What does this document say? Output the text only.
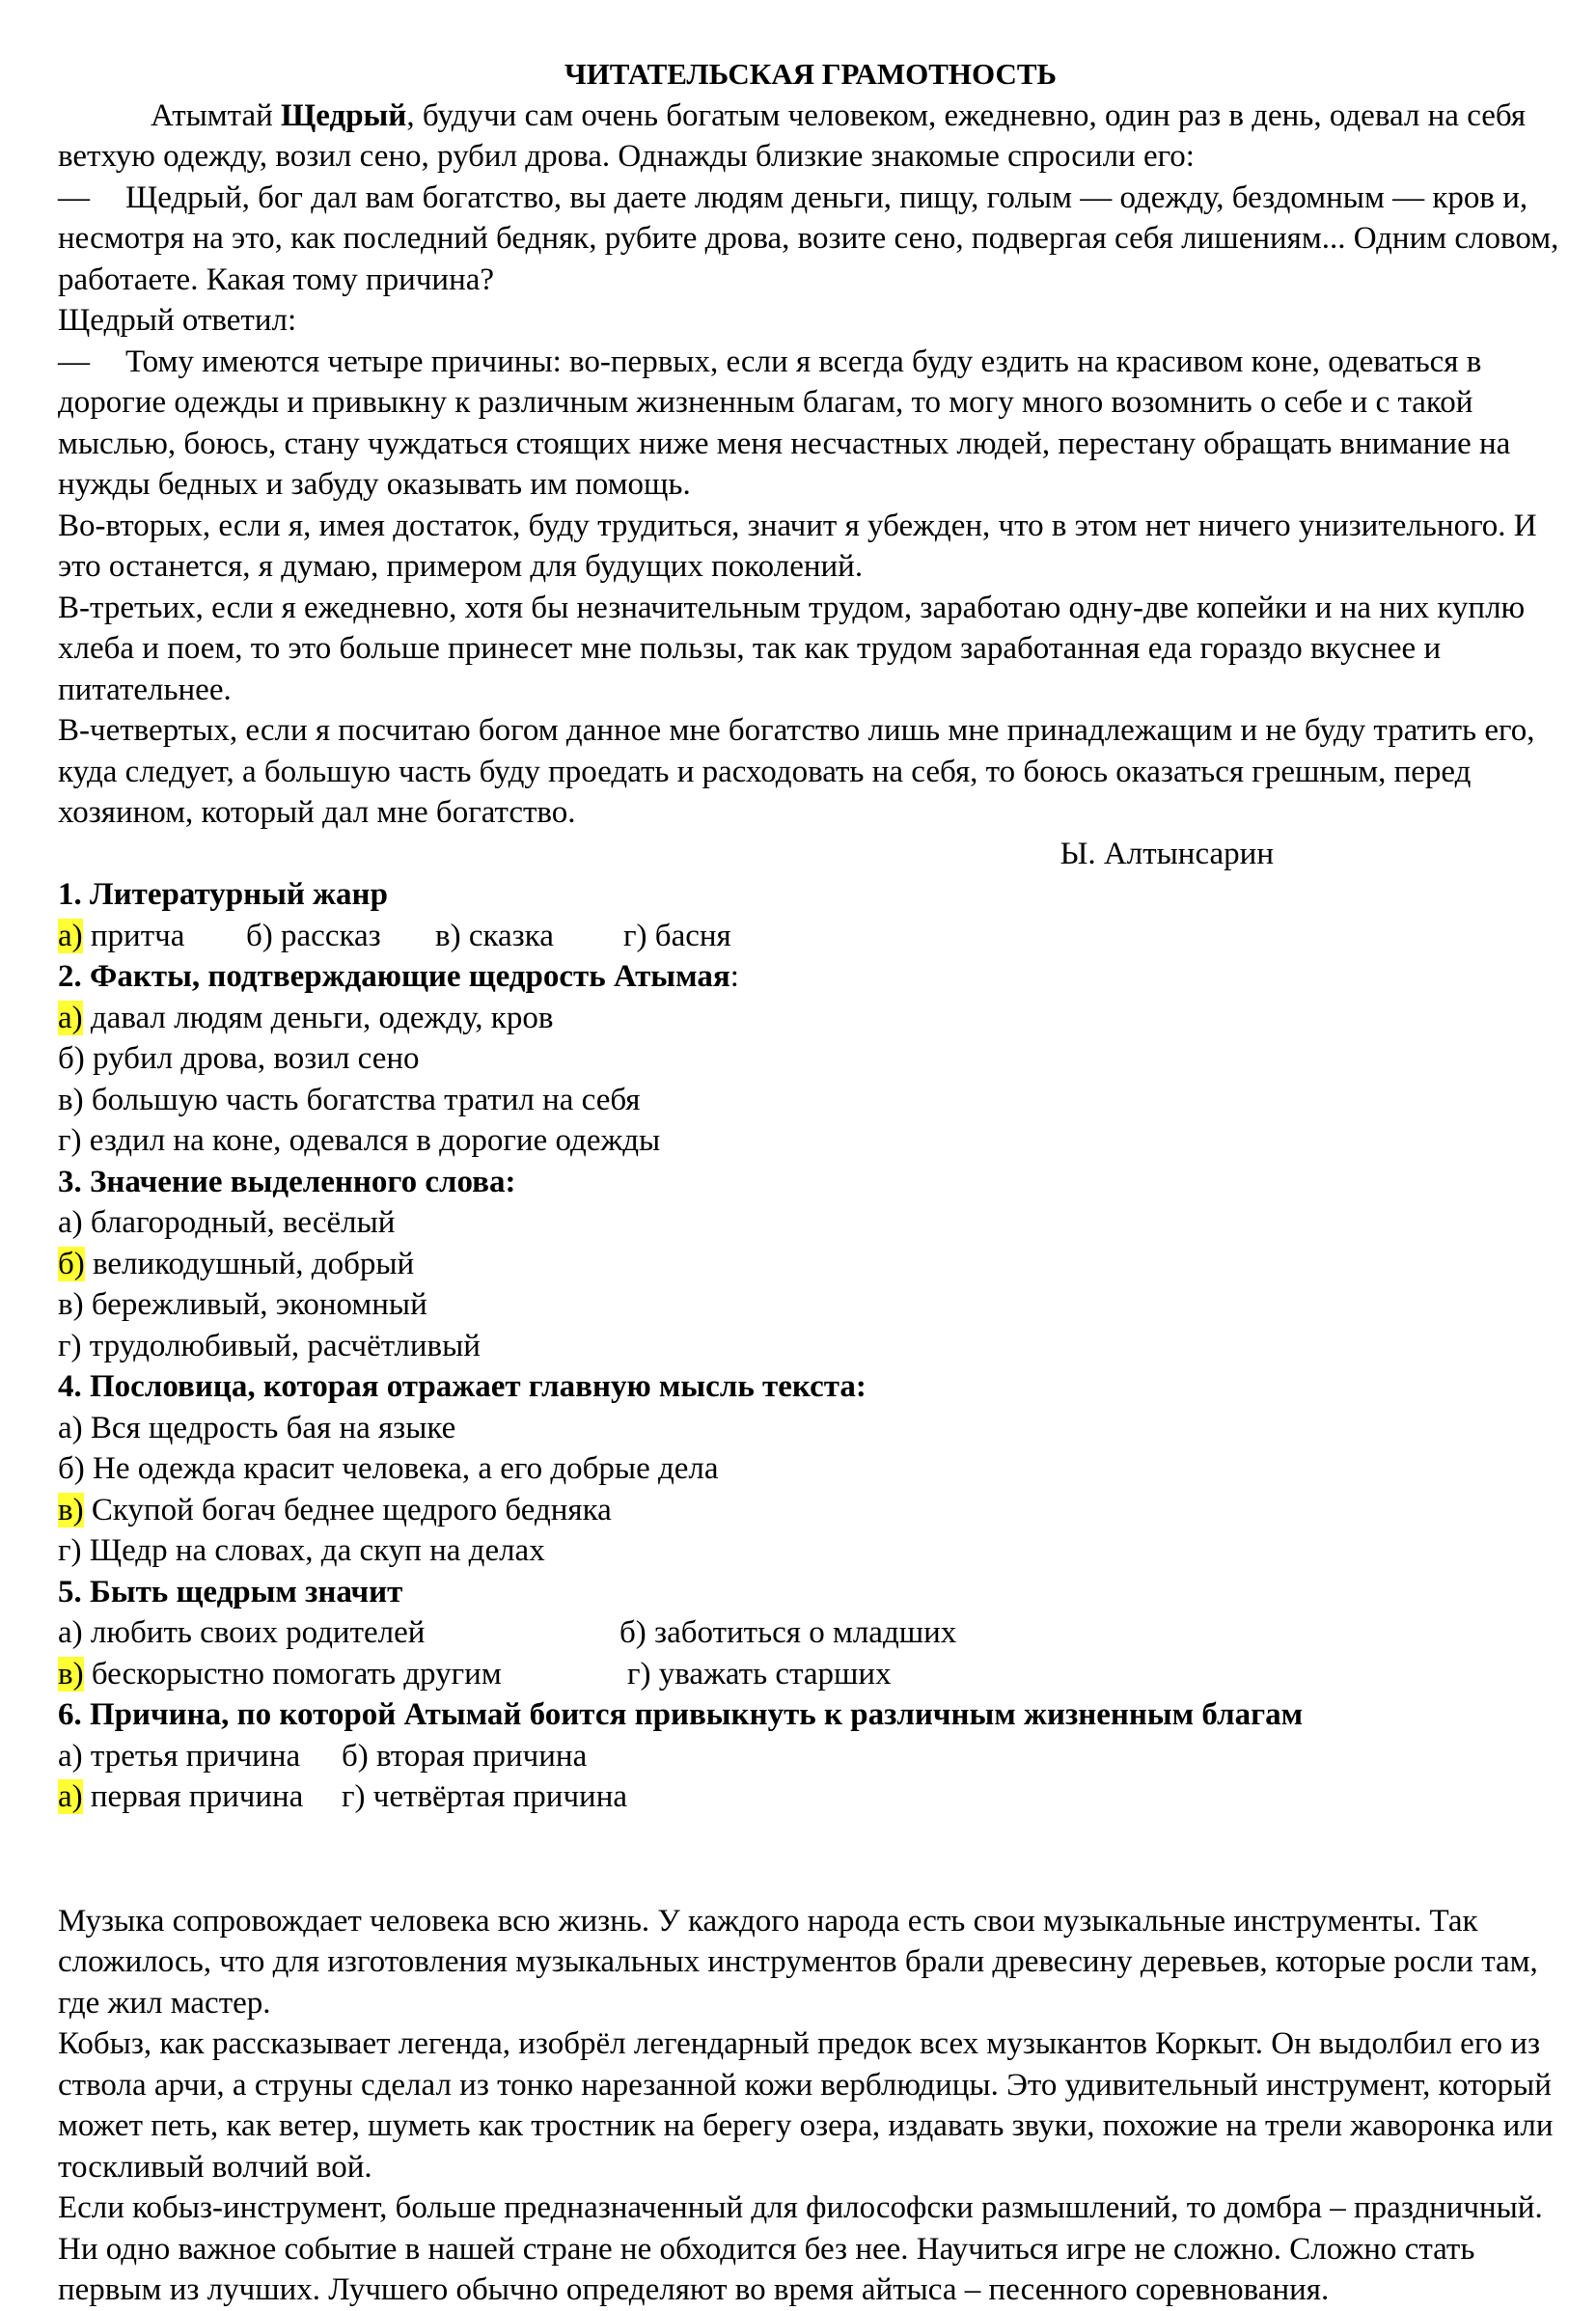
ЧИТАТЕЛЬСКАЯ ГРАМОТНОСТЬ

Атымтай Щедрый, будучи сам очень богатым человеком, ежедневно, один раз в день, одевал на себя ветхую одежду, возил сено, рубил дрова. Однажды близкие знакомые спросили его:

— Щедрый, бог дал вам богатство, вы даете людям деньги, пищу, голым — одежду, бездомным — кров и, несмотря на это, как последний бедняк, рубите дрова, возите сено, подвергая себя лишениям... Одним словом, работаете. Какая тому причина?

Щедрый ответил:

— Тому имеются четыре причины: во-первых, если я всегда буду ездить на красивом коне, одеваться в дорогие одежды и привыкну к различным жизненным благам, то могу много возомнить о себе и с такой мыслью, боюсь, стану чуждаться стоящих ниже меня несчастных людей, перестану обращать внимание на нужды бедных и забуду оказывать им помощь.

Во-вторых, если я, имея достаток, буду трудиться, значит я убежден, что в этом нет ничего унизительного. И это останется, я думаю, примером для будущих поколений.

В-третьих, если я ежедневно, хотя бы незначительным трудом, заработаю одну-две копейки и на них куплю хлеба и поем, то это больше принесет мне пользы, так как трудом заработанная еда гораздо вкуснее и питательнее.

В-четвертых, если я посчитаю богом данное мне богатство лишь мне принадлежащим и не буду тратить его, куда следует, а большую часть буду проедать и расходовать на себя, то боюсь оказаться грешным, перед хозяином, который дал мне богатство.

Ы. Алтынсарин

1. Литературный жанр
а) притча б) рассказ в) сказка г) басня
2. Факты, подтверждающие щедрость Атымая:
а) давал людям деньги, одежду, кров
б) рубил дрова, возил сено
в) большую часть богатства тратил на себя
г) ездил на коне, одевался в дорогие одежды
3. Значение выделенного слова:
а) благородный, весёлый
б) великодушный, добрый
в) бережливый, экономный
г) трудолюбивый, расчётливый
4. Пословица, которая отражает главную мысль текста:
а) Вся щедрость бая на языке
б) Не одежда красит человека, а его добрые дела
в) Скупой богач беднее щедрого бедняка
г) Щедр на словах, да скуп на делах
5. Быть щедрым значит
а) любить своих родителей	б) заботиться о младших
в) бескорыстно помогать другим	г) уважать старших
6. Причина, по которой Атымай боится привыкнуть к различным жизненным благам
а) третья причина б) вторая причина
а) первая причина г) четвёртая причина

Музыка сопровождает человека всю жизнь. У каждого народа есть свои музыкальные инструменты. Так сложилось, что для изготовления музыкальных инструментов брали древесину деревьев, которые росли там, где жил мастер.

Кобыз, как рассказывает легенда, изобрёл легендарный предок всех музыкантов Коркыт. Он выдолбил его из ствола арчи, а струны сделал из тонко нарезанной кожи верблюдицы. Это удивительный инструмент, который может петь, как ветер, шуметь как тростник на берегу озера, издавать звуки, похожие на трели жаворонка или тоскливый волчий вой.

Если кобыз-инструмент, больше предназначенный для философски размышлений, то домбра – праздничный. Ни одно важное событие в нашей стране не обходится без нее. Научиться игре не сложно. Сложно стать первым из лучших. Лучшего обычно определяют во время айтыса – песенного соревнования.
